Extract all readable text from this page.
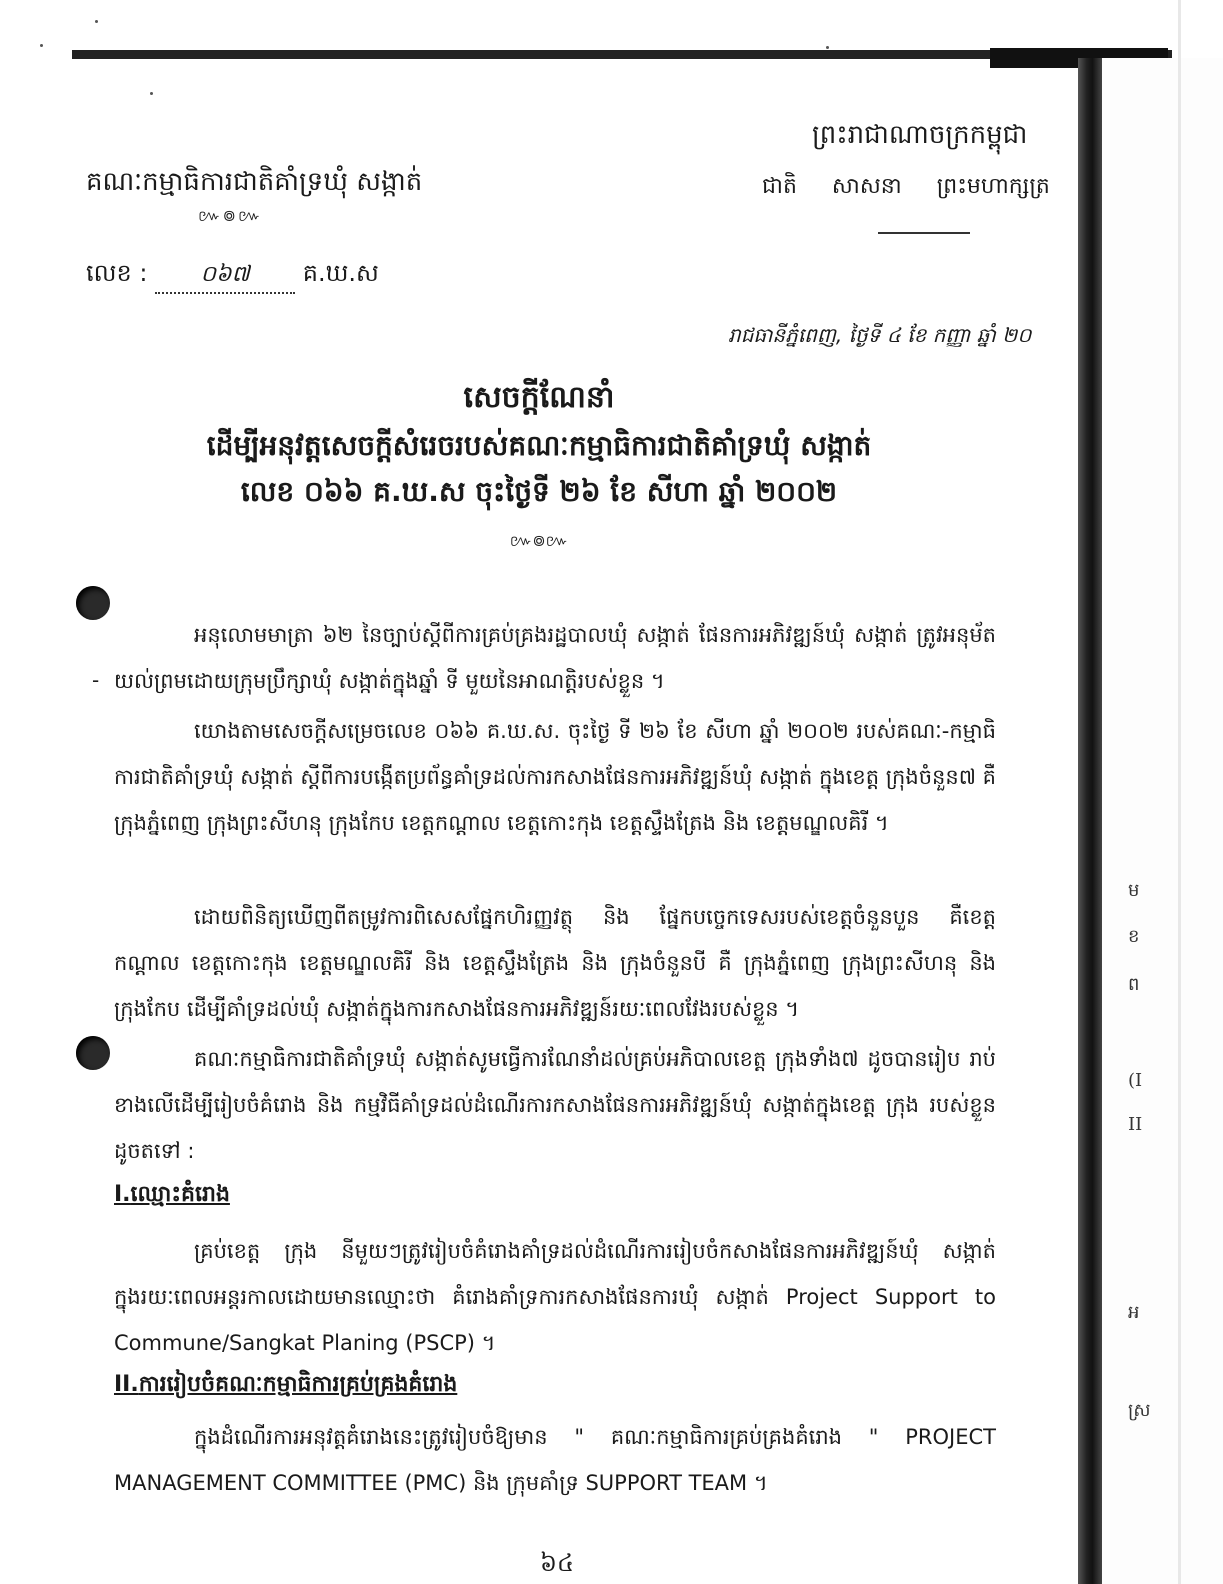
ព្រះរាជាណាចក្រកម្ពុជា
ជាតិ សាសនា ព្រះមហាក្សត្រ
គណៈកម្មាធិការជាតិគាំទ្រឃុំ សង្កាត់
៚៙៚
លេខ : ០៦៧ គ.ឃ.ស
រាជធានីភ្នំពេញ, ថ្ងៃទី ៤ ខែ កញ្ញា ឆ្នាំ ២០
សេចក្តីណែនាំ
ដើម្បីអនុវត្តសេចក្តីសំរេចរបស់គណៈកម្មាធិការជាតិគាំទ្រឃុំ សង្កាត់
លេខ ០៦៦ គ.ឃ.ស ចុះថ្ងៃទី ២៦ ខែ សីហា ឆ្នាំ ២០០២
៚៙៚
-
អនុលោមមាត្រា ៦២ នៃច្បាប់ស្តីពីការគ្រប់គ្រងរដ្ឋបាលឃុំ សង្កាត់ ផែនការអភិវឌ្ឍន៍ឃុំ សង្កាត់ ត្រូវអនុម័តយល់ព្រមដោយក្រុមប្រឹក្សាឃុំ សង្កាត់ក្នុងឆ្នាំ ទី មួយនៃអាណត្តិរបស់ខ្លួន ។
យោងតាមសេចក្តីសម្រេចលេខ ០៦៦ គ.ឃ.ស. ចុះថ្ងៃ ទី ២៦ ខែ សីហា ឆ្នាំ ២០០២ របស់គណៈ-កម្មាធិការជាតិគាំទ្រឃុំ សង្កាត់ ស្តីពីការបង្កើតប្រព័ន្ធគាំទ្រដល់ការកសាងផែនការអភិវឌ្ឍន៍ឃុំ សង្កាត់ ក្នុងខេត្ត ក្រុងចំនួន៧ គឺ ក្រុងភ្នំពេញ ក្រុងព្រះសីហនុ ក្រុងកែប ខេត្តកណ្តាល ខេត្តកោះកុង ខេត្តស្ទឹងត្រែង និង ខេត្តមណ្ឌលគិរី ។
ដោយពិនិត្យឃើញពីតម្រូវការពិសេសផ្នែកហិរញ្ញវត្ថុ និង ផ្នែកបច្ចេកទេសរបស់ខេត្តចំនួនបួន គឺខេត្ត កណ្តាល ខេត្តកោះកុង ខេត្តមណ្ឌលគិរី និង ខេត្តស្ទឹងត្រែង និង ក្រុងចំនួនបី គឺ ក្រុងភ្នំពេញ ក្រុងព្រះសីហនុ និង ក្រុងកែប ដើម្បីគាំទ្រដល់ឃុំ សង្កាត់ក្នុងការកសាងផែនការអភិវឌ្ឍន៍រយៈពេលវែងរបស់ខ្លួន ។
គណៈកម្មាធិការជាតិគាំទ្រឃុំ សង្កាត់សូមធ្វើការណែនាំដល់គ្រប់អភិបាលខេត្ត ក្រុងទាំង៧ ដូចបានរៀប រាប់ខាងលើដើម្បីរៀបចំគំរោង និង កម្មវិធីគាំទ្រដល់ដំណើរការកសាងផែនការអភិវឌ្ឍន៍ឃុំ សង្កាត់ក្នុងខេត្ត ក្រុង របស់ខ្លួនដូចតទៅ :
I.ឈ្មោះគំរោង
គ្រប់ខេត្ត ក្រុង នីមួយៗត្រូវរៀបចំគំរោងគាំទ្រដល់ដំណើរការរៀបចំកសាងផែនការអភិវឌ្ឍន៍ឃុំ សង្កាត់ ក្នុងរយៈពេលអន្តរកាលដោយមានឈ្មោះថា គំរោងគាំទ្រការកសាងផែនការឃុំ សង្កាត់ Project Support to Commune/Sangkat Planing (PSCP) ។
II.ការរៀបចំគណៈកម្មាធិការគ្រប់គ្រងគំរោង
ក្នុងដំណើរការអនុវត្តគំរោងនេះត្រូវរៀបចំឱ្យមាន " គណៈកម្មាធិការគ្រប់គ្រងគំរោង " PROJECT MANAGEMENT COMMITTEE (PMC) និង ក្រុមគាំទ្រ SUPPORT TEAM ។
ម
ខ
ព
(I
II
អ
ស្រ
៦៤
